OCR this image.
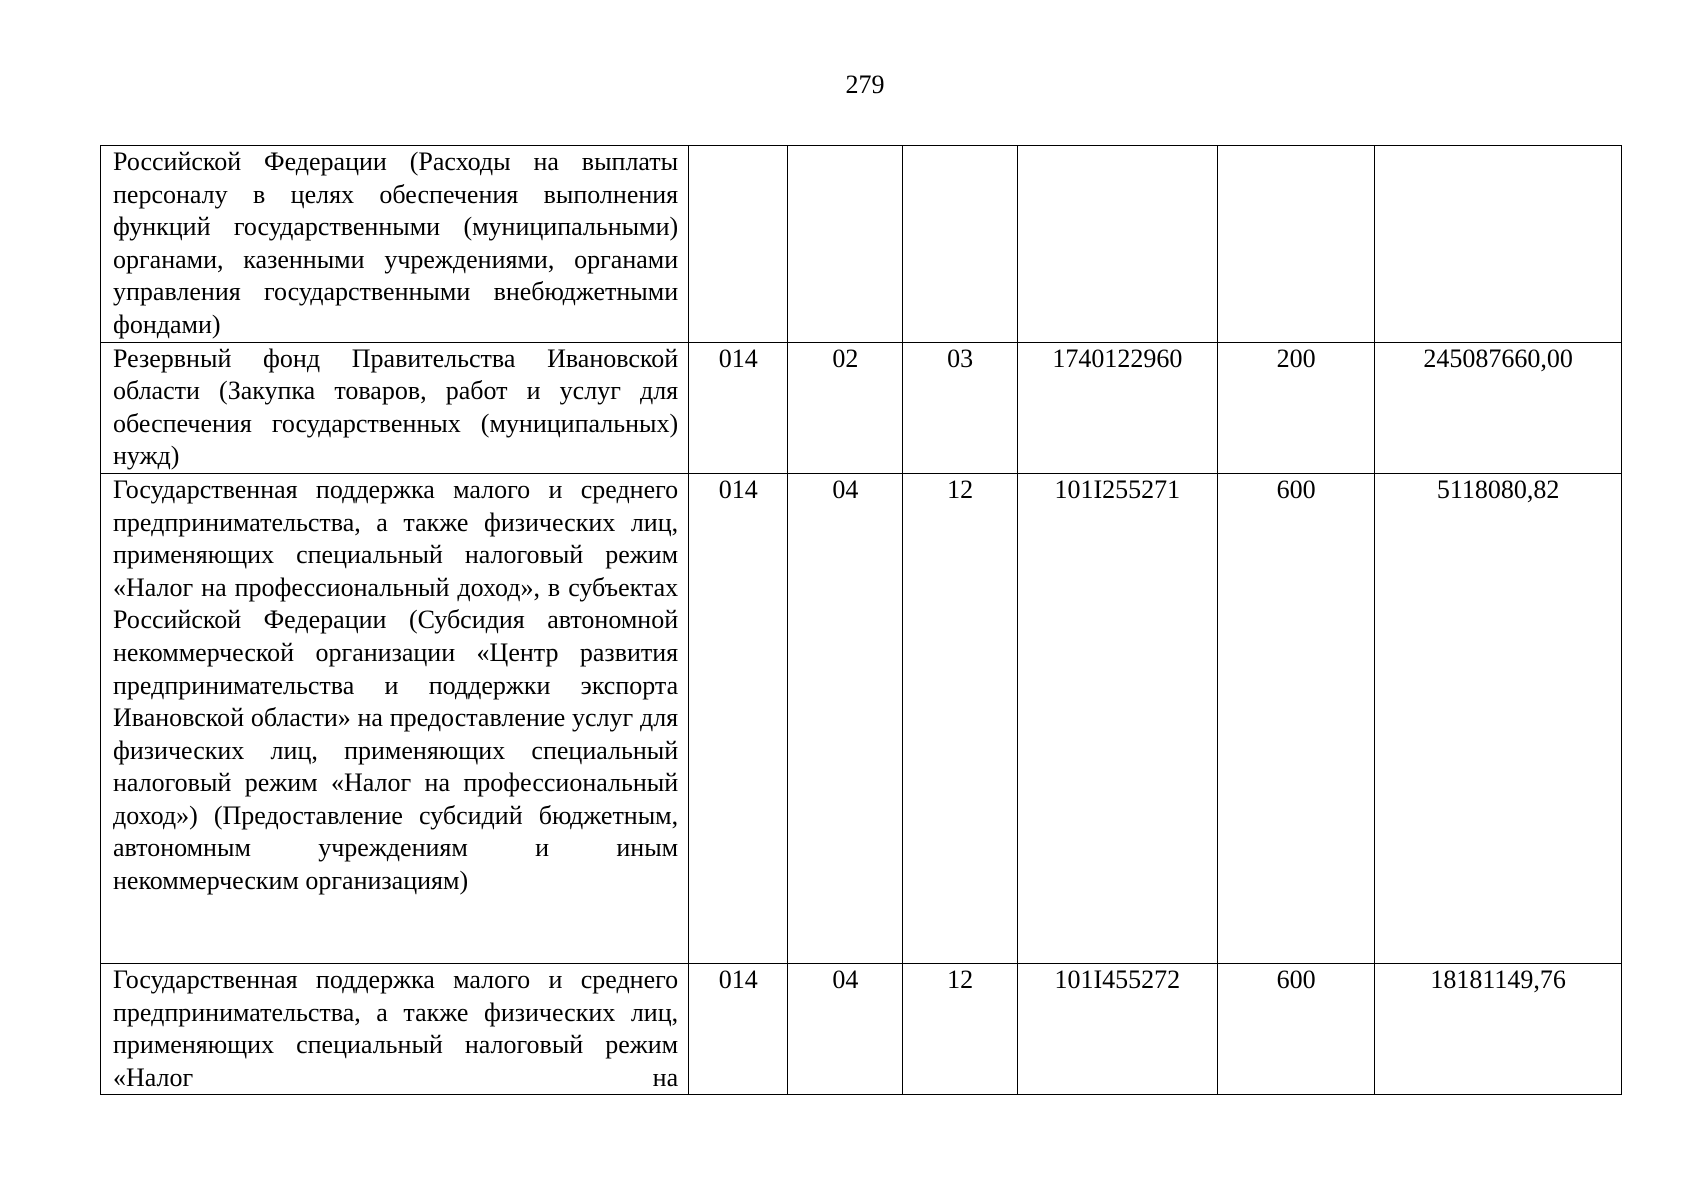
279
Российской Федерации (Расходы на выплаты персоналу в целях обеспечения выполнения функций государственными (муниципальными) органами, казенными учреждениями, органами управления государственными внебюджетными фондами)						

Резервный фонд Правительства Ивановской области (Закупка товаров, работ и услуг для обеспечения государственных (муниципальных) нужд)	014	02	03	1740122960	200	245087660,00

Государственная поддержка малого и среднего предпринимательства, а также физических лиц, применяющих специальный налоговый режим «Налог на профессиональный доход», в субъектах Российской Федерации (Субсидия автономной некоммерческой организации «Центр развития предпринимательства и поддержки экспорта Ивановской области» на предоставление услуг для физических лиц, применяющих специальный налоговый режим «Налог на профессиональный доход») (Предоставление субсидий бюджетным, автономным учреждениям и иным некоммерческим организациям)	014	04	12	101I255271	600	5118080,82

Государственная поддержка малого и среднего предпринимательства, а также физических лиц, применяющих специальный налоговый режим «Налог на	014	04	12	101I455272	600	18181149,76
